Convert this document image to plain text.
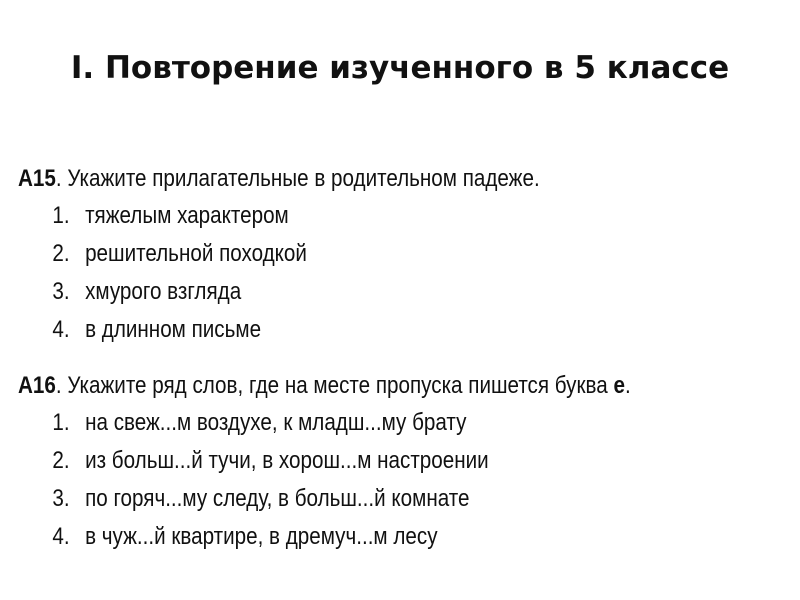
I. Повторение изученного в 5 классе
А15. Укажите прилагательные в родительном падеже.
1. тяжелым характером
2. решительной походкой
3. хмурого взгляда
4. в длинном письме
А16. Укажите ряд слов, где на месте пропуска пишется буква е.
1. на свеж...м воздухе, к младш...му брату
2. из больш...й тучи, в хорош...м настроении
3. по горяч...му следу, в больш...й комнате
4. в чуж...й квартире, в дремуч...м лесу
